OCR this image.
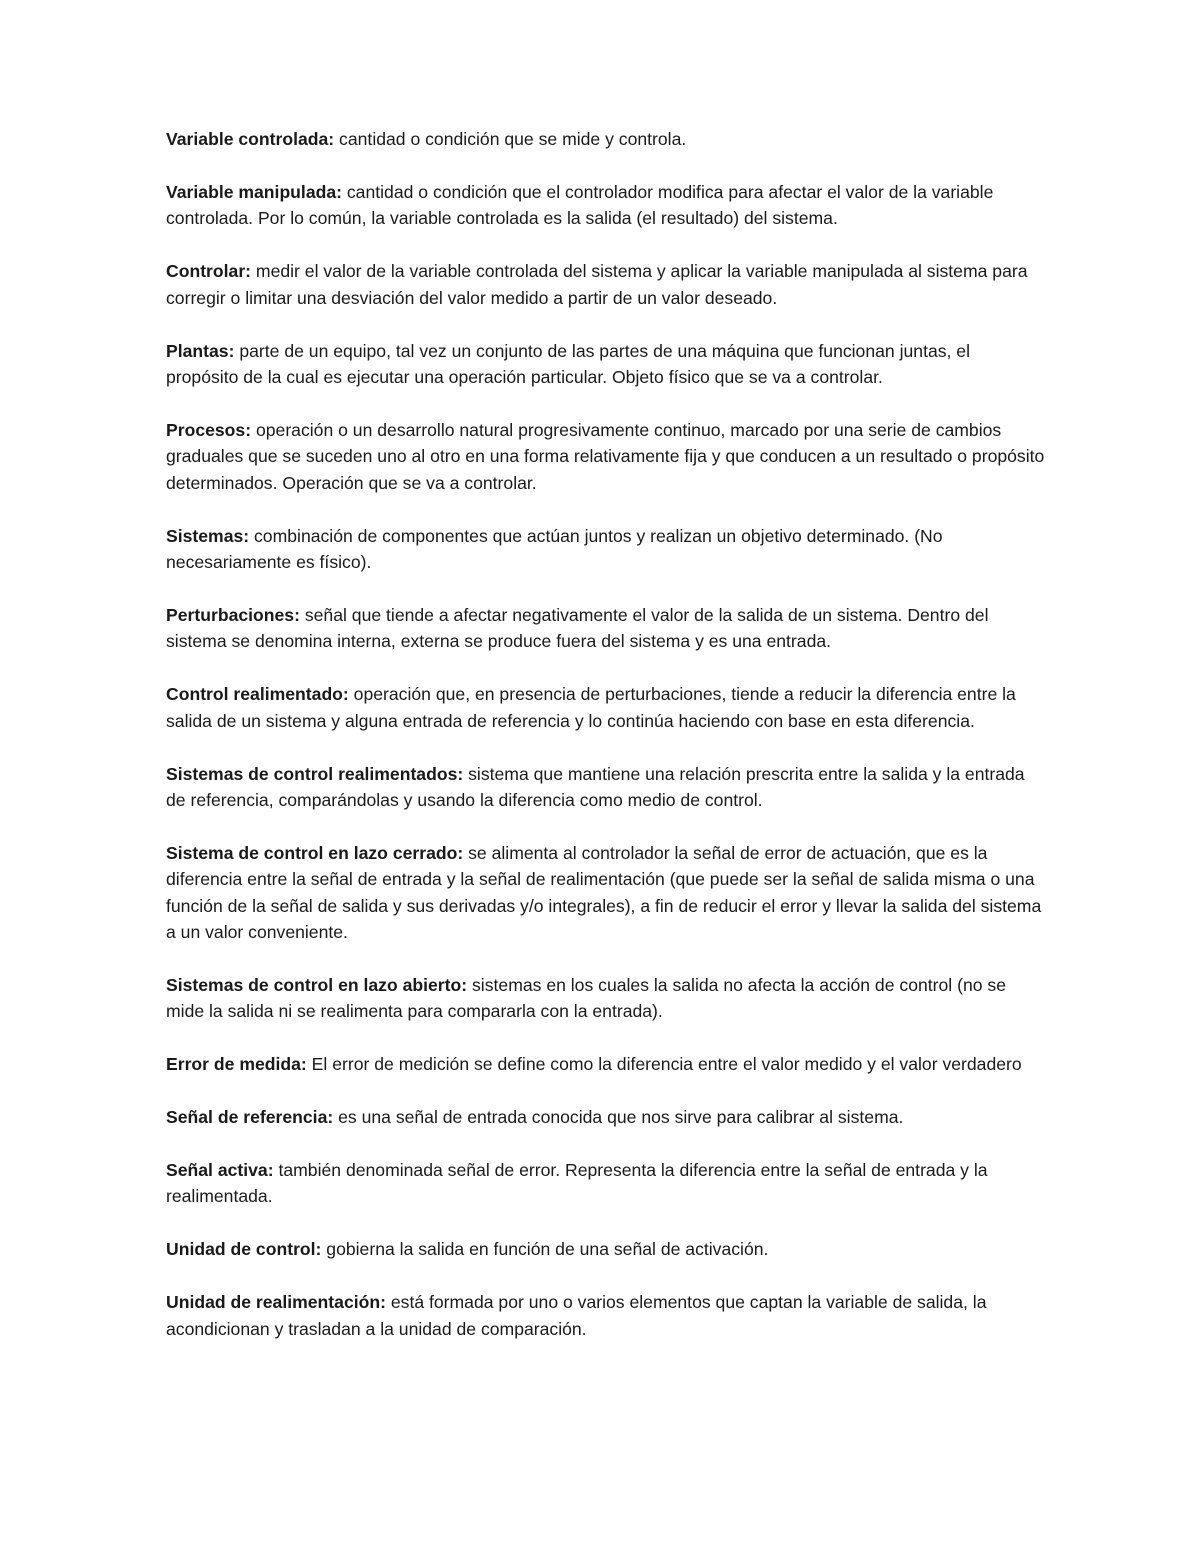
Variable controlada: cantidad o condición que se mide y controla.

Variable manipulada: cantidad o condición que el controlador modifica para afectar el valor de la variable controlada. Por lo común, la variable controlada es la salida (el resultado) del sistema.

Controlar: medir el valor de la variable controlada del sistema y aplicar la variable manipulada al sistema para corregir o limitar una desviación del valor medido a partir de un valor deseado.

Plantas: parte de un equipo, tal vez un conjunto de las partes de una máquina que funcionan juntas, el propósito de la cual es ejecutar una operación particular. Objeto físico que se va a controlar.

Procesos: operación o un desarrollo natural progresivamente continuo, marcado por una serie de cambios graduales que se suceden uno al otro en una forma relativamente fija y que conducen a un resultado o propósito determinados. Operación que se va a controlar.

Sistemas: combinación de componentes que actúan juntos y realizan un objetivo determinado. (No necesariamente es físico).

Perturbaciones: señal que tiende a afectar negativamente el valor de la salida de un sistema. Dentro del sistema se denomina interna, externa se produce fuera del sistema y es una entrada.

Control realimentado: operación que, en presencia de perturbaciones, tiende a reducir la diferencia entre la salida de un sistema y alguna entrada de referencia y lo continúa haciendo con base en esta diferencia.

Sistemas de control realimentados: sistema que mantiene una relación prescrita entre la salida y la entrada de referencia, comparándolas y usando la diferencia como medio de control.

Sistema de control en lazo cerrado: se alimenta al controlador la señal de error de actuación, que es la diferencia entre la señal de entrada y la señal de realimentación (que puede ser la señal de salida misma o una función de la señal de salida y sus derivadas y/o integrales), a fin de reducir el error y llevar la salida del sistema a un valor conveniente.

Sistemas de control en lazo abierto: sistemas en los cuales la salida no afecta la acción de control (no se mide la salida ni se realimenta para compararla con la entrada).

Error de medida: El error de medición se define como la diferencia entre el valor medido y el valor verdadero

Señal de referencia: es una señal de entrada conocida que nos sirve para calibrar al sistema.

Señal activa: también denominada señal de error. Representa la diferencia entre la señal de entrada y la realimentada.

Unidad de control: gobierna la salida en función de una señal de activación.

Unidad de realimentación: está formada por uno o varios elementos que captan la variable de salida, la acondicionan y trasladan a la unidad de comparación.
